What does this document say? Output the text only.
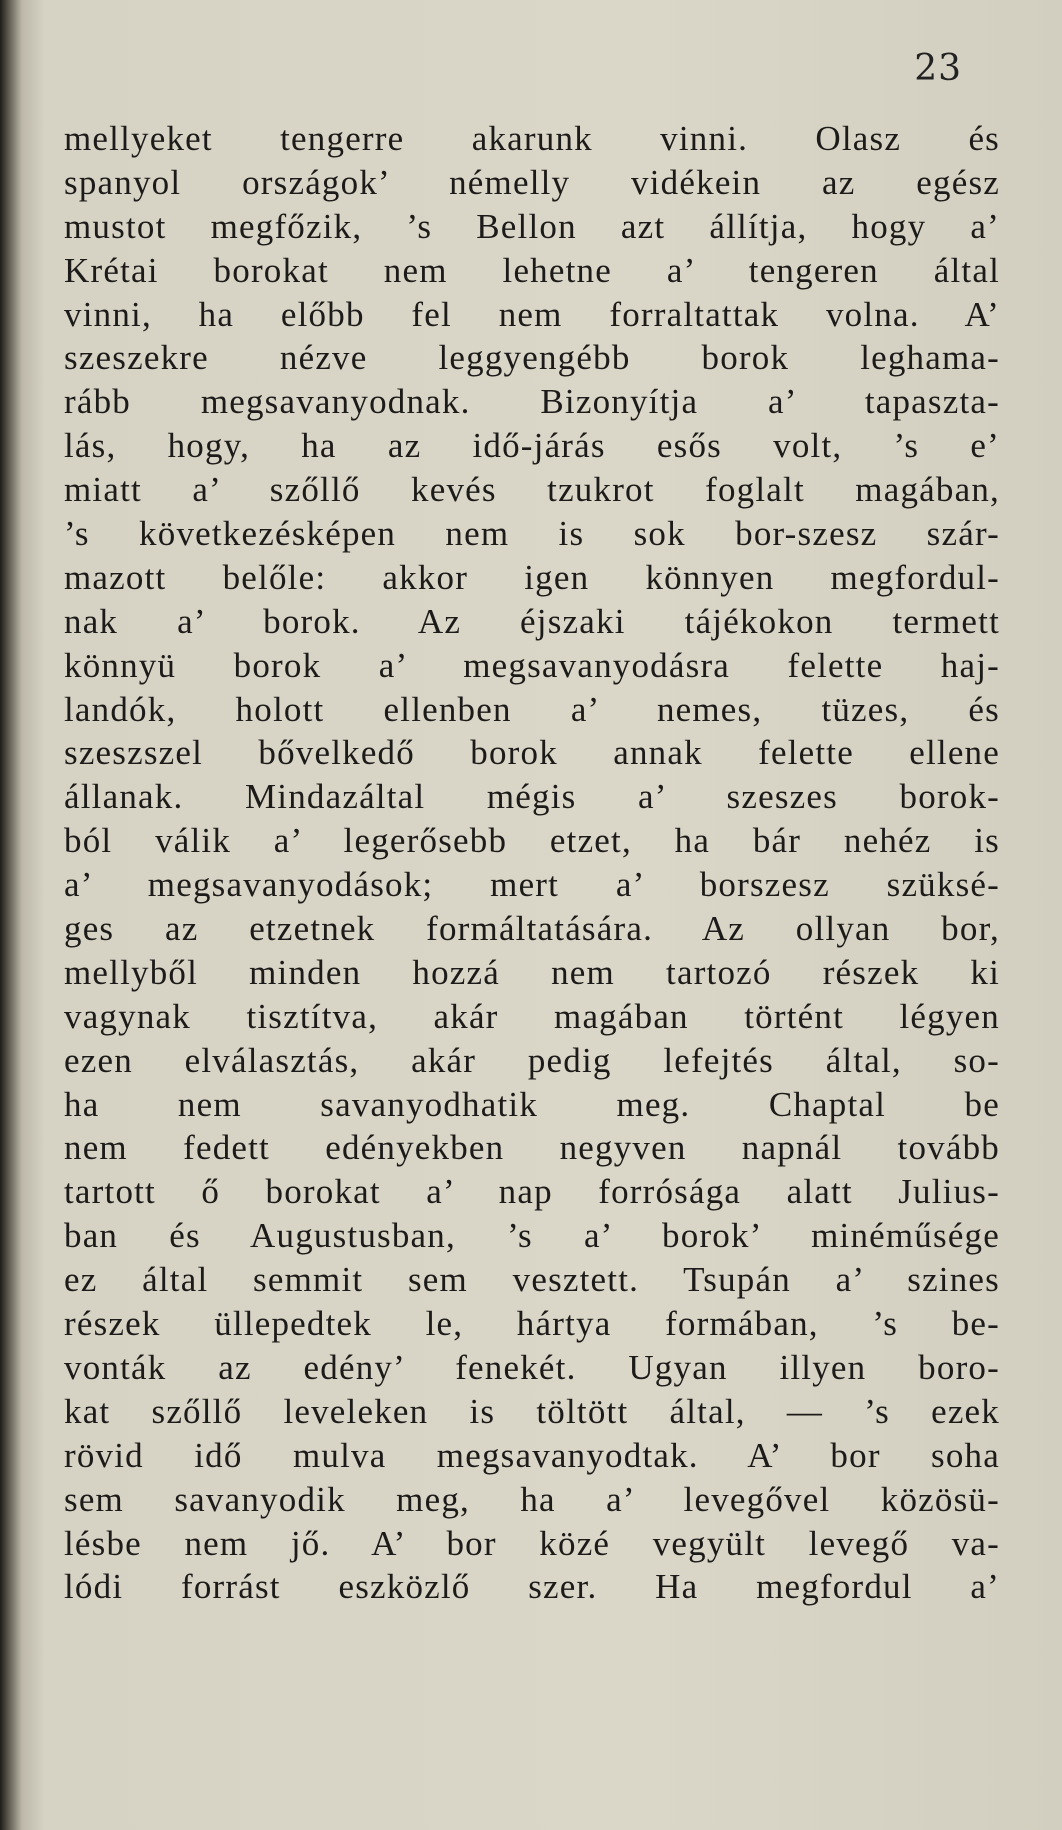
23
mellyeket tengerre akarunk vinni. Olasz és
spanyol országok’ némelly vidékein az egész
mustot megfőzik, ’s Bellon azt állítja, hogy a’
Krétai borokat nem lehetne a’ tengeren által
vinni, ha előbb fel nem forraltattak volna. A’
szeszekre nézve leggyengébb borok leghama-
rább megsavanyodnak. Bizonyítja a’ tapaszta-
lás, hogy, ha az idő-járás esős volt, ’s e’
miatt a’ szőllő kevés tzukrot foglalt magában,
’s következésképen nem is sok bor-szesz szár-
mazott belőle: akkor igen könnyen megfordul-
nak a’ borok. Az éjszaki tájékokon termett
könnyü borok a’ megsavanyodásra felette haj-
landók, holott ellenben a’ nemes, tüzes, és
szeszszel bővelkedő borok annak felette ellene
állanak. Mindazáltal mégis a’ szeszes borok-
ból válik a’ legerősebb etzet, ha bár nehéz is
a’ megsavanyodások; mert a’ borszesz szüksé-
ges az etzetnek formáltatására. Az ollyan bor,
mellyből minden hozzá nem tartozó részek ki
vagynak tisztítva, akár magában történt légyen
ezen elválasztás, akár pedig lefejtés által, so-
ha nem savanyodhatik meg. Chaptal be
nem fedett edényekben negyven napnál tovább
tartott ő borokat a’ nap forrósága alatt Julius-
ban és Augustusban, ’s a’ borok’ minéműsége
ez által semmit sem vesztett. Tsupán a’ szines
részek üllepedtek le, hártya formában, ’s be-
vonták az edény’ fenekét. Ugyan illyen boro-
kat szőllő leveleken is töltött által, — ’s ezek
rövid idő mulva megsavanyodtak. A’ bor soha
sem savanyodik meg, ha a’ levegővel közösü-
lésbe nem jő. A’ bor közé vegyült levegő va-
lódi forrást eszközlő szer. Ha megfordul a’
